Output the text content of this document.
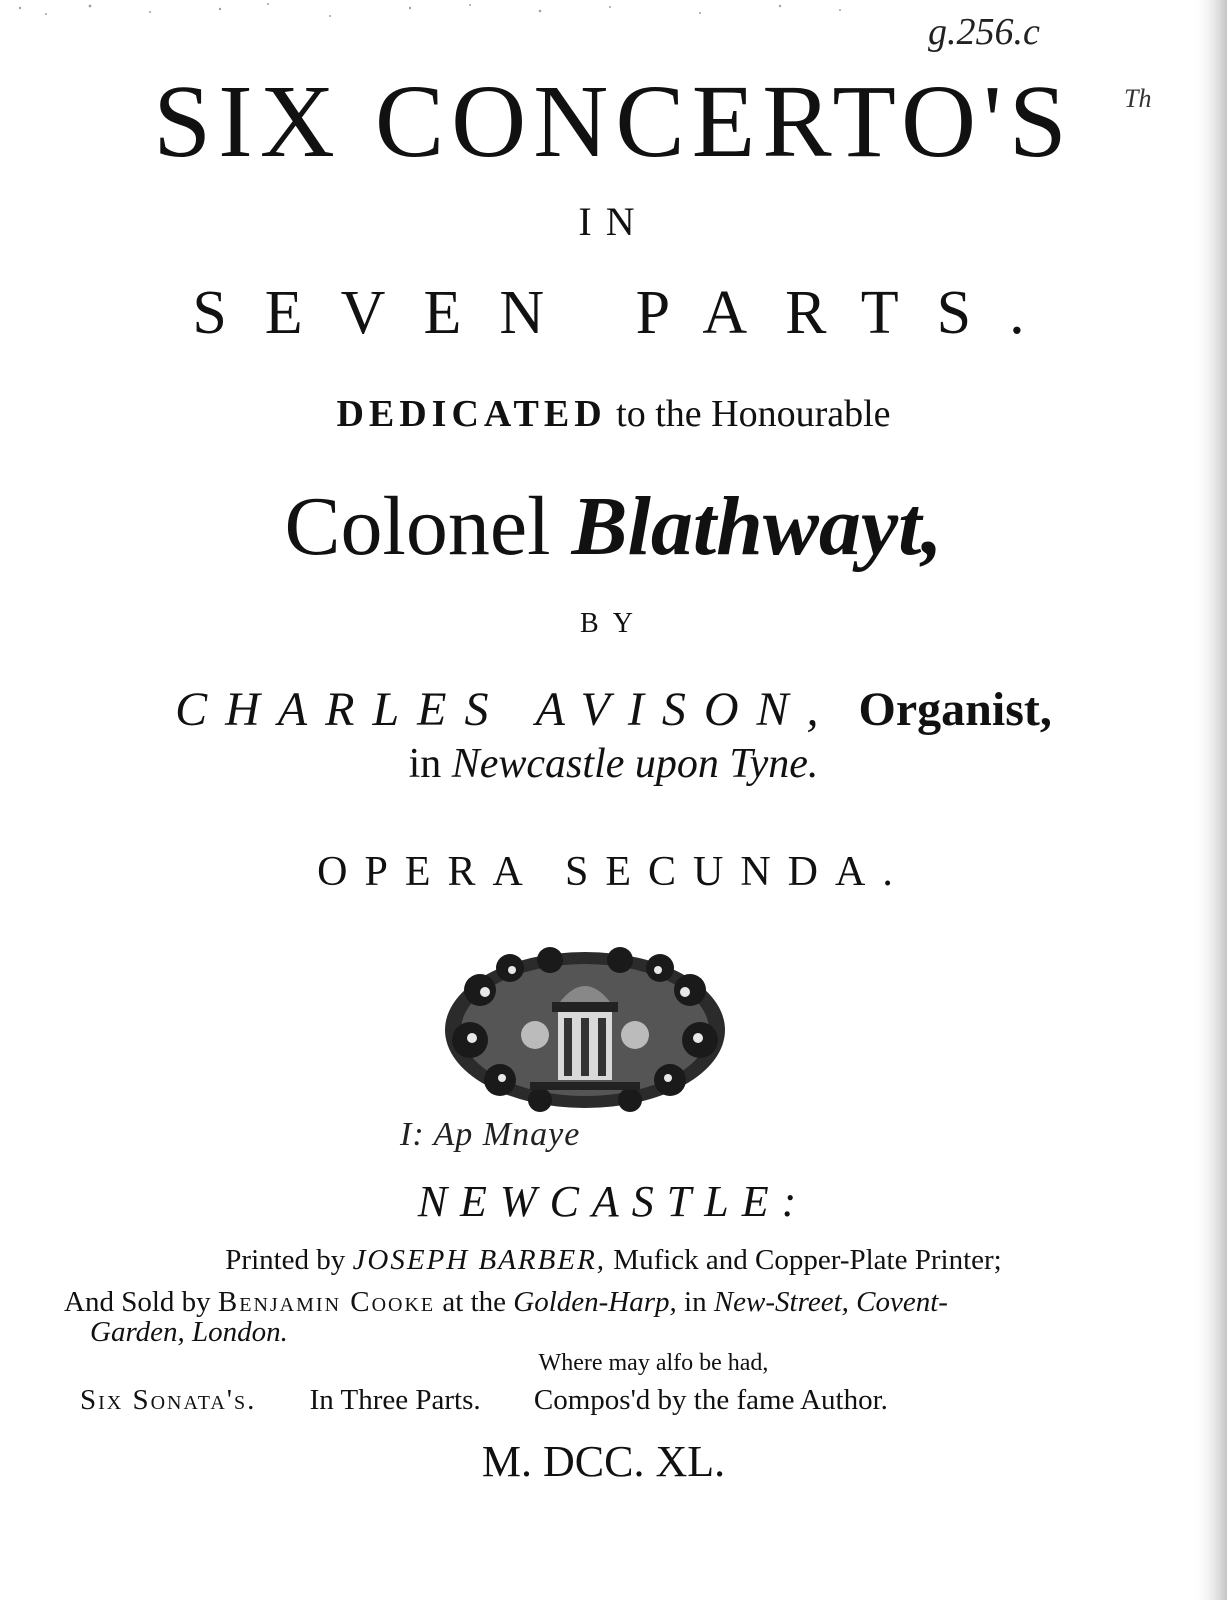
g.256.c
Th
SIX CONCERTO'S
IN
SEVEN PARTS.
DEDICATED to the Honourable
Colonel Blathwayt,
BY
CHARLES AVISON, Organist,
in Newcastle upon Tyne.
OPERA SECUNDA.
I: Ap Mnaye
NEWCASTLE:
Printed by JOSEPH BARBER, Mufick and Copper-Plate Printer;
And Sold by Benjamin Cooke at the Golden-Harp, in New-Street, Covent-
Garden, London.
Where may alfo be had,
Six Sonata's. In Three Parts. Compos'd by the fame Author.
M. DCC. XL.
